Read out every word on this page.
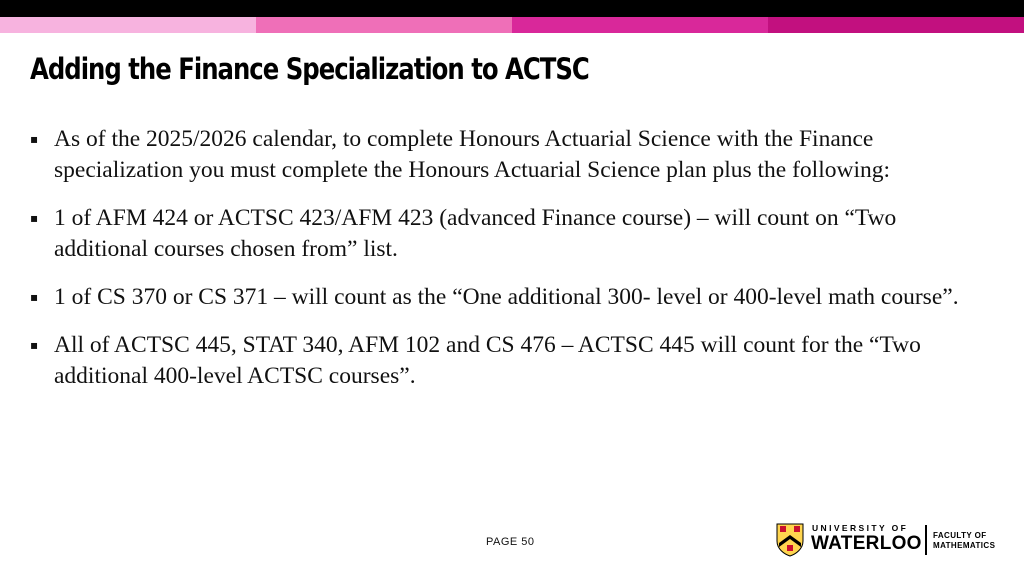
Adding the Finance Specialization to ACTSC
▪ As of the 2025/2026 calendar, to complete Honours Actuarial Science with the Finance specialization you must complete the Honours Actuarial Science plan plus the following:
▪ 1 of AFM 424 or ACTSC 423/AFM 423 (advanced Finance course) – will count on “Two additional courses chosen from” list.
▪ 1 of CS 370 or CS 371 – will count as the “One additional 300- level or 400-level math course”.
▪ All of ACTSC 445, STAT 340, AFM 102 and CS 476 – ACTSC 445 will count for the “Two additional 400-level ACTSC courses”.
PAGE 50
UNIVERSITY OF
WATERLOO FACULTY OF
MATHEMATICS
